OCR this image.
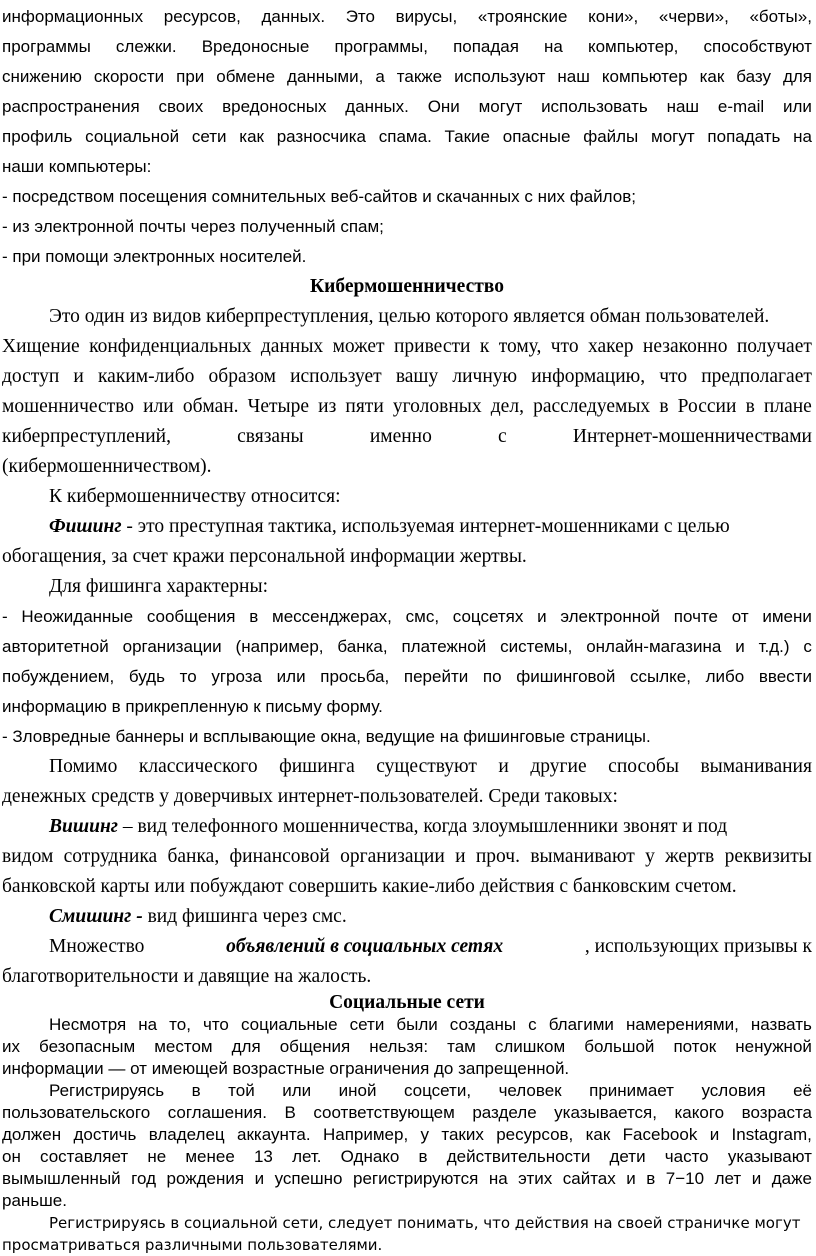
информационных ресурсов, данных. Это вирусы, «троянские кони», «черви», «боты»,
программы слежки. Вредоносные программы, попадая на компьютер, способствуют
снижению скорости при обмене данными, а также используют наш компьютер как базу для
распространения своих вредоносных данных. Они могут использовать наш e-mail или
профиль социальной сети как разносчика спама. Такие опасные файлы могут попадать на
наши компьютеры:
- посредством посещения сомнительных веб-сайтов и скачанных с них файлов;
- из электронной почты через полученный спам;
- при помощи электронных носителей.
Кибермошенничество
Это один из видов киберпреступления, целью которого является обман пользователей.
Хищение конфиденциальных данных может привести к тому, что хакер незаконно получает
доступ и каким-либо образом использует вашу личную информацию, что предполагает
мошенничество или обман. Четыре из пяти уголовных дел, расследуемых в России в плане
киберпреступлений,	связаны	именно	с	Интернет-мошенничествами
(кибермошенничеством).
К кибермошенничеству относится:
Фишинг - это преступная тактика, используемая интернет-мошенниками с целью
обогащения, за счет кражи персональной информации жертвы.
Для фишинга характерны:
- Неожиданные сообщения в мессенджерах, смс, соцсетях и электронной почте от имени
авторитетной организации (например, банка, платежной системы, онлайн-магазина и т.д.) с
побуждением, будь то угроза или просьба, перейти по фишинговой ссылке, либо ввести
информацию в прикрепленную к письму форму.
- Зловредные баннеры и всплывающие окна, ведущие на фишинговые страницы.
Помимо классического фишинга существуют и другие способы выманивания
денежных средств у доверчивых интернет-пользователей. Среди таковых:
Вишинг – вид телефонного мошенничества, когда злоумышленники звонят и под
видом сотрудника банка, финансовой организации и проч. выманивают у жертв реквизиты
банковской карты или побуждают совершить какие-либо действия с банковским счетом.
Смишинг - вид фишинга через смс.
Множество	объявлений в социальных сетях	, использующих призывы к
благотворительности и давящие на жалость.
Социальные сети
Несмотря на то, что социальные сети были созданы с благими намерениями, назвать
их безопасным местом для общения нельзя: там слишком большой поток ненужной
информации — от имеющей возрастные ограничения до запрещенной.
Регистрируясь в той или иной соцсети, человек принимает условия её
пользовательского соглашения. В соответствующем разделе указывается, какого возраста
должен достичь владелец аккаунта. Например, у таких ресурсов, как Facebook и Instagram,
он составляет не менее 13 лет. Однако в действительности дети часто указывают
вымышленный год рождения и успешно регистрируются на этих сайтах и в 7−10 лет и даже
раньше.
Регистрируясь в социальной сети, следует понимать, что действия на своей страничке могут
просматриваться различными пользователями.
